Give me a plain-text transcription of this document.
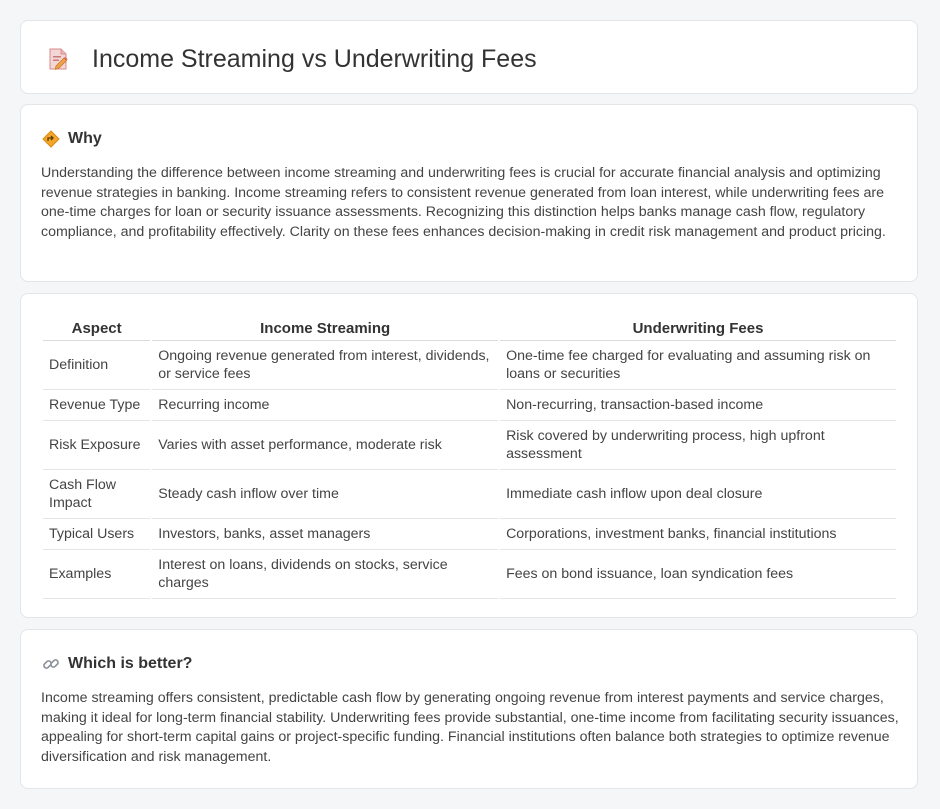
Income Streaming vs Underwriting Fees
Why

Understanding the difference between income streaming and underwriting fees is crucial for accurate financial analysis and optimizing revenue strategies in banking. Income streaming refers to consistent revenue generated from loan interest, while underwriting fees are one-time charges for loan or security issuance assessments. Recognizing this distinction helps banks manage cash flow, regulatory compliance, and profitability effectively. Clarity on these fees enhances decision-making in credit risk management and product pricing.

Aspect	Income Streaming	Underwriting Fees
Definition	Ongoing revenue generated from interest, dividends, or service fees	One-time fee charged for evaluating and assuming risk on loans or securities
Revenue Type	Recurring income	Non-recurring, transaction-based income
Risk Exposure	Varies with asset performance, moderate risk	Risk covered by underwriting process, high upfront assessment
Cash Flow Impact	Steady cash inflow over time	Immediate cash inflow upon deal closure
Typical Users	Investors, banks, asset managers	Corporations, investment banks, financial institutions
Examples	Interest on loans, dividends on stocks, service charges	Fees on bond issuance, loan syndication fees
Which is better?

Income streaming offers consistent, predictable cash flow by generating ongoing revenue from interest payments and service charges, making it ideal for long-term financial stability. Underwriting fees provide substantial, one-time income from facilitating security issuances, appealing for short-term capital gains or project-specific funding. Financial institutions often balance both strategies to optimize revenue diversification and risk management.
